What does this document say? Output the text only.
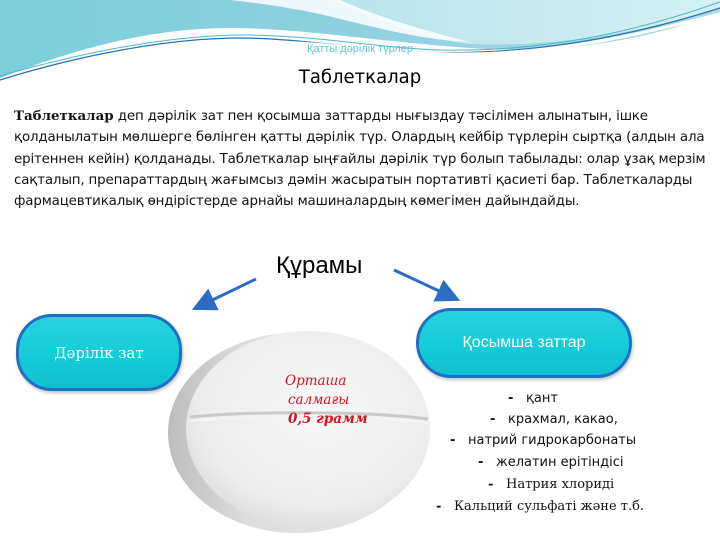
Қатты дәрілік түрлер
Таблеткалар
Таблеткалар деп дәрілік зат пен қосымша заттарды нығыздау тәсілімен алынатын, ішке қолданылатын мөлшерге бөлінген қатты дәрілік түр. Олардың кейбір түрлерін сыртқа (алдын ала ерітеннен кейін) қолданады. Таблеткалар ыңғайлы дәрілік түр болып табылады: олар ұзақ мерзім сақталып, препараттардың жағымсыз дәмін жасыратын портативті қасиеті бар. Таблеткаларды фармацевтикалық өндірістерде арнайы машиналардың көмегімен дайындайды.
Құрамы
Орташа
салмағы
0,5 грамм
Дәрілік зат
Қосымша заттар
- қант
- крахмал, какао,
- натрий гидрокарбонаты
- желатин ерітіндісі
- Натрия хлориді
- Кальций сульфаті және т.б.
